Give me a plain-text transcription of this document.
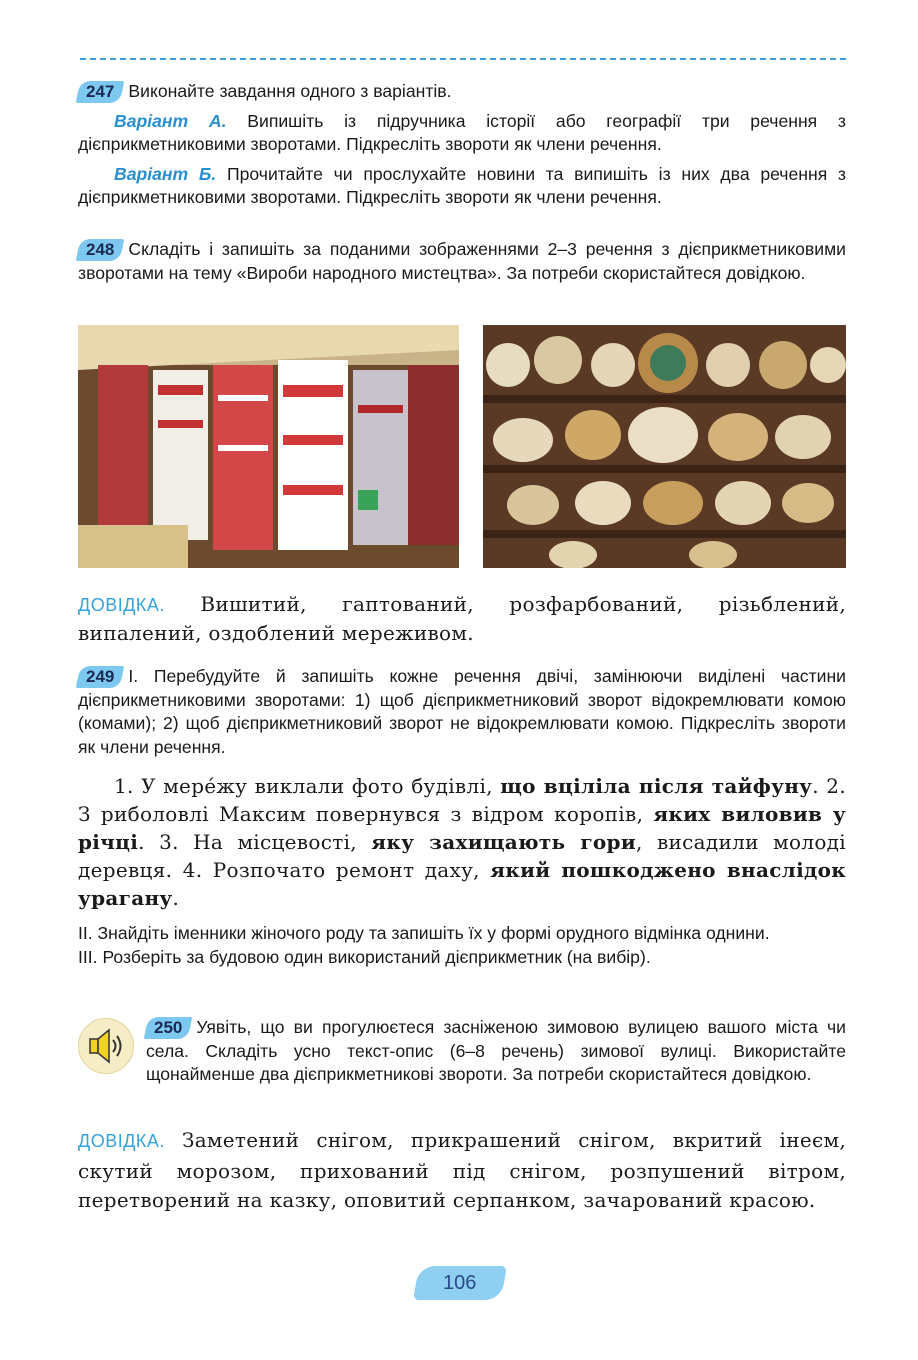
247 Виконайте завдання одного з варіантів.
Варіант А. Випишіть із підручника історії або географії три речення з дієприкметниковими зворотами. Підкресліть звороти як члени речення.
Варіант Б. Прочитайте чи прослухайте новини та випишіть із них два речення з дієприкметниковими зворотами. Підкресліть звороти як члени речення.
248 Складіть і запишіть за поданими зображеннями 2–3 речення з дієприкметниковими зворотами на тему «Вироби народного мистецтва». За потреби скористайтеся довідкою.
ДОВІДКА. Вишитий, гаптований, розфарбований, різьблений, випалений, оздоблений мереживом.
249 І. Перебудуйте й запишіть кожне речення двічі, замінюючи виділені частини дієприкметниковими зворотами: 1) щоб дієприкметниковий зворот відокремлювати комою (комами); 2) щоб дієприкметниковий зворот не відокремлювати комою. Підкресліть звороти як члени речення.
1. У мере́жу виклали фото будівлі, що вціліла після тайфуну. 2. З риболовлі Максим повернувся з відром коропів, яких виловив у річці. 3. На місцевості, яку захищають гори, висадили молоді деревця. 4. Розпочато ремонт даху, який пошкоджено внаслідок урагану.
ІІ. Знайдіть іменники жіночого роду та запишіть їх у формі орудного відмінка однини.
ІІІ. Розберіть за будовою один використаний дієприкметник (на вибір).
250 Уявіть, що ви прогулюєтеся засніженою зимовою вулицею вашого міста чи села. Складіть усно текст-опис (6–8 речень) зимової вулиці. Використайте щонайменше два дієприкметникові звороти. За потреби скористайтеся довідкою.
ДОВІДКА. Заметений снігом, прикрашений снігом, вкритий інеєм, скутий морозом, прихований під снігом, розпушений вітром, перетворений на казку, оповитий серпанком, зачарований красою.
106
